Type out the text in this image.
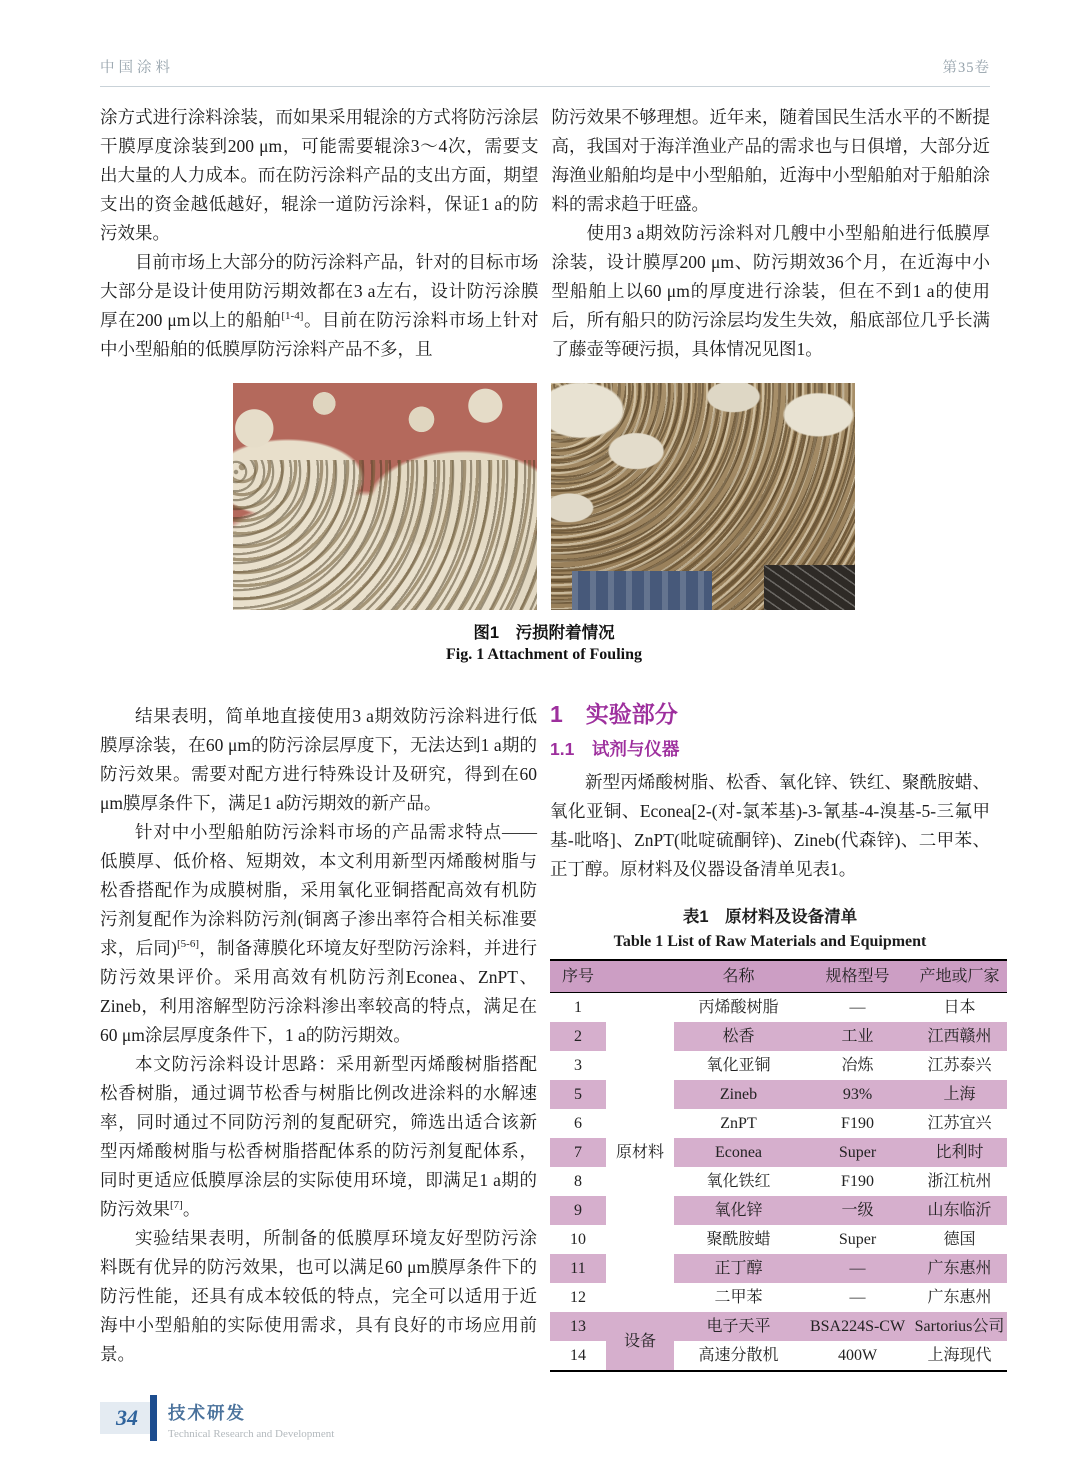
中国涂料	第35卷

涂方式进行涂料涂装，而如果采用辊涂的方式将防污涂层干膜厚度涂装到200 μm，可能需要辊涂3～4次，需要支出大量的人力成本。而在防污涂料产品的支出方面，期望支出的资金越低越好，辊涂一道防污涂料，保证1 a的防污效果。

目前市场上大部分的防污涂料产品，针对的目标市场大部分是设计使用防污期效都在3 a左右，设计防污涂膜厚在200 μm以上的船舶[1-4]。目前在防污涂料市场上针对中小型船舶的低膜厚防污涂料产品不多，且

防污效果不够理想。近年来，随着国民生活水平的不断提高，我国对于海洋渔业产品的需求也与日俱增，大部分近海渔业船舶均是中小型船舶，近海中小型船舶对于船舶涂料的需求趋于旺盛。

使用3 a期效防污涂料对几艘中小型船舶进行低膜厚涂装，设计膜厚200 μm、防污期效36个月，在近海中小型船舶上以60 μm的厚度进行涂装，但在不到1 a的使用后，所有船只的防污涂层均发生失效，船底部位几乎长满了藤壶等硬污损，具体情况见图1。

图1　污损附着情况
Fig. 1 Attachment of Fouling

结果表明，简单地直接使用3 a期效防污涂料进行低膜厚涂装，在60 μm的防污涂层厚度下，无法达到1 a期的防污效果。需要对配方进行特殊设计及研究，得到在60 μm膜厚条件下，满足1 a防污期效的新产品。

针对中小型船舶防污涂料市场的产品需求特点——低膜厚、低价格、短期效，本文利用新型丙烯酸树脂与松香搭配作为成膜树脂，采用氧化亚铜搭配高效有机防污剂复配作为涂料防污剂(铜离子渗出率符合相关标准要求，后同)[5-6]，制备薄膜化环境友好型防污涂料，并进行防污效果评价。采用高效有机防污剂Econea、ZnPT、Zineb，利用溶解型防污涂料渗出率较高的特点，满足在60 μm涂层厚度条件下，1 a的防污期效。

本文防污涂料设计思路：采用新型丙烯酸树脂搭配松香树脂，通过调节松香与树脂比例改进涂料的水解速率，同时通过不同防污剂的复配研究，筛选出适合该新型丙烯酸树脂与松香树脂搭配体系的防污剂复配体系，同时更适应低膜厚涂层的实际使用环境，即满足1 a期的防污效果[7]。

实验结果表明，所制备的低膜厚环境友好型防污涂料既有优异的防污效果，也可以满足60 μm膜厚条件下的防污性能，还具有成本较低的特点，完全可以适用于近海中小型船舶的实际使用需求，具有良好的市场应用前景。

1　实验部分
1.1　试剂与仪器

新型丙烯酸树脂、松香、氧化锌、铁红、聚酰胺蜡、氧化亚铜、Econea[2-(对-氯苯基)-3-氰基-4-溴基-5-三氟甲基-吡咯]、ZnPT(吡啶硫酮锌)、Zineb(代森锌)、二甲苯、正丁醇。原材料及仪器设备清单见表1。

表1　原材料及设备清单
Table 1 List of Raw Materials and Equipment
序号		名称	规格型号	产地或厂家
1	原材料	丙烯酸树脂	—	日本
2		松香	工业	江西赣州
3		氧化亚铜	冶炼	江苏泰兴
5		Zineb	93%	上海
6		ZnPT	F190	江苏宜兴
7		Econea	Super	比利时
8		氧化铁红	F190	浙江杭州
9		氧化锌	一级	山东临沂
10		聚酰胺蜡	Super	德国
11		正丁醇	—	广东惠州
12		二甲苯	—	广东惠州
13	设备	电子天平	BSA224S-CW	Sartorius公司
14		高速分散机	400W	上海现代
34	技术研发
Technical Research and Development
